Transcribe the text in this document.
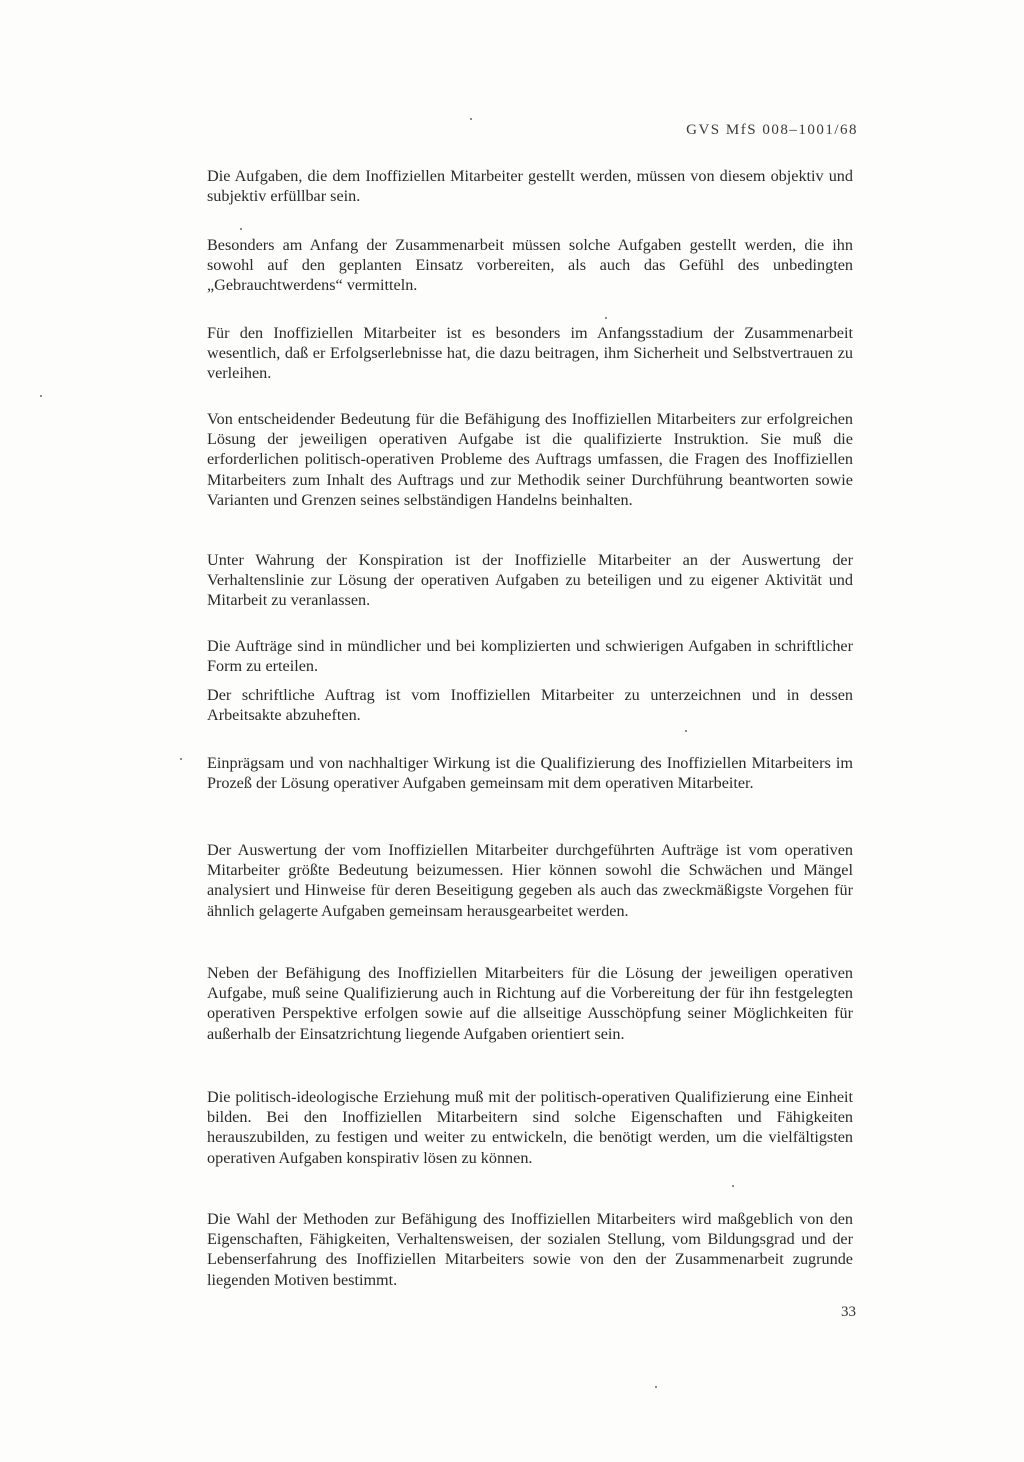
GVS MfS 008–1001/68

Die Aufgaben, die dem Inoffiziellen Mitarbeiter gestellt werden, müssen von diesem objektiv und subjektiv erfüllbar sein.

Besonders am Anfang der Zusammenarbeit müssen solche Aufgaben gestellt werden, die ihn sowohl auf den geplanten Einsatz vorbereiten, als auch das Gefühl des unbedingten „Gebrauchtwerdens“ vermitteln.

Für den Inoffiziellen Mitarbeiter ist es besonders im Anfangsstadium der Zusammenarbeit wesentlich, daß er Erfolgserlebnisse hat, die dazu beitragen, ihm Sicherheit und Selbstvertrauen zu verleihen.

Von entscheidender Bedeutung für die Befähigung des Inoffiziellen Mitarbeiters zur erfolgreichen Lösung der jeweiligen operativen Aufgabe ist die qualifizierte Instruktion. Sie muß die erforderlichen politisch-operativen Probleme des Auftrags umfassen, die Fragen des Inoffiziellen Mitarbeiters zum Inhalt des Auftrags und zur Methodik seiner Durchführung beantworten sowie Varianten und Grenzen seines selbständigen Handelns beinhalten.

Unter Wahrung der Konspiration ist der Inoffizielle Mitarbeiter an der Auswertung der Verhaltenslinie zur Lösung der operativen Aufgaben zu beteiligen und zu eigener Aktivität und Mitarbeit zu veranlassen.

Die Aufträge sind in mündlicher und bei komplizierten und schwierigen Aufgaben in schriftlicher Form zu erteilen.

Der schriftliche Auftrag ist vom Inoffiziellen Mitarbeiter zu unterzeichnen und in dessen Arbeitsakte abzuheften.

Einprägsam und von nachhaltiger Wirkung ist die Qualifizierung des Inoffiziellen Mitarbeiters im Prozeß der Lösung operativer Aufgaben gemeinsam mit dem operativen Mitarbeiter.

Der Auswertung der vom Inoffiziellen Mitarbeiter durchgeführten Aufträge ist vom operativen Mitarbeiter größte Bedeutung beizumessen. Hier können sowohl die Schwächen und Mängel analysiert und Hinweise für deren Beseitigung gegeben als auch das zweckmäßigste Vorgehen für ähnlich gelagerte Aufgaben gemeinsam herausgearbeitet werden.

Neben der Befähigung des Inoffiziellen Mitarbeiters für die Lösung der jeweiligen operativen Aufgabe, muß seine Qualifizierung auch in Richtung auf die Vorbereitung der für ihn festgelegten operativen Perspektive erfolgen sowie auf die allseitige Ausschöpfung seiner Möglichkeiten für außerhalb der Einsatzrichtung liegende Aufgaben orientiert sein.

Die politisch-ideologische Erziehung muß mit der politisch-operativen Qualifizierung eine Einheit bilden. Bei den Inoffiziellen Mitarbeitern sind solche Eigenschaften und Fähigkeiten herauszubilden, zu festigen und weiter zu entwickeln, die benötigt werden, um die vielfältigsten operativen Aufgaben konspirativ lösen zu können.

Die Wahl der Methoden zur Befähigung des Inoffiziellen Mitarbeiters wird maßgeblich von den Eigenschaften, Fähigkeiten, Verhaltensweisen, der sozialen Stellung, vom Bildungsgrad und der Lebenserfahrung des Inoffiziellen Mitarbeiters sowie von den der Zusammenarbeit zugrunde liegenden Motiven bestimmt.

33
